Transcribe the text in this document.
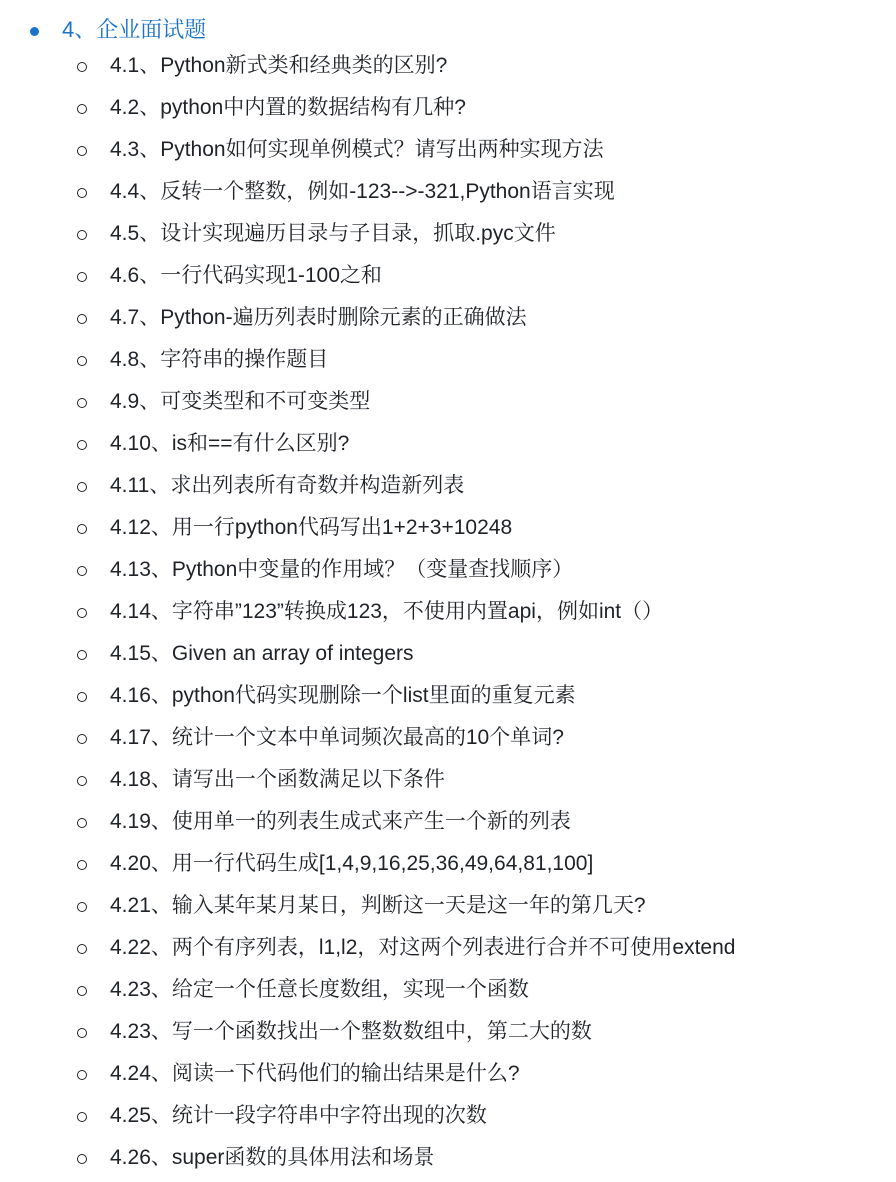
4、企业面试题
4.1、Python新式类和经典类的区别?
4.2、python中内置的数据结构有几种?
4.3、Python如何实现单例模式？请写出两种实现方法
4.4、反转一个整数，例如-123-->-321,Python语言实现
4.5、设计实现遍历目录与子目录，抓取.pyc文件
4.6、一行代码实现1-100之和
4.7、Python-遍历列表时删除元素的正确做法
4.8、字符串的操作题目
4.9、可变类型和不可变类型
4.10、is和==有什么区别?
4.11、求出列表所有奇数并构造新列表
4.12、用一行python代码写出1+2+3+10248
4.13、Python中变量的作用域？（变量查找顺序）
4.14、字符串”123”转换成123，不使用内置api，例如int（）
4.15、Given an array of integers
4.16、python代码实现删除一个list里面的重复元素
4.17、统计一个文本中单词频次最高的10个单词?
4.18、请写出一个函数满足以下条件
4.19、使用单一的列表生成式来产生一个新的列表
4.20、用一行代码生成[1,4,9,16,25,36,49,64,81,100]
4.21、输入某年某月某日，判断这一天是这一年的第几天?
4.22、两个有序列表，l1,l2，对这两个列表进行合并不可使用extend
4.23、给定一个任意长度数组，实现一个函数
4.23、写一个函数找出一个整数数组中，第二大的数
4.24、阅读一下代码他们的输出结果是什么?
4.25、统计一段字符串中字符出现的次数
4.26、super函数的具体用法和场景
